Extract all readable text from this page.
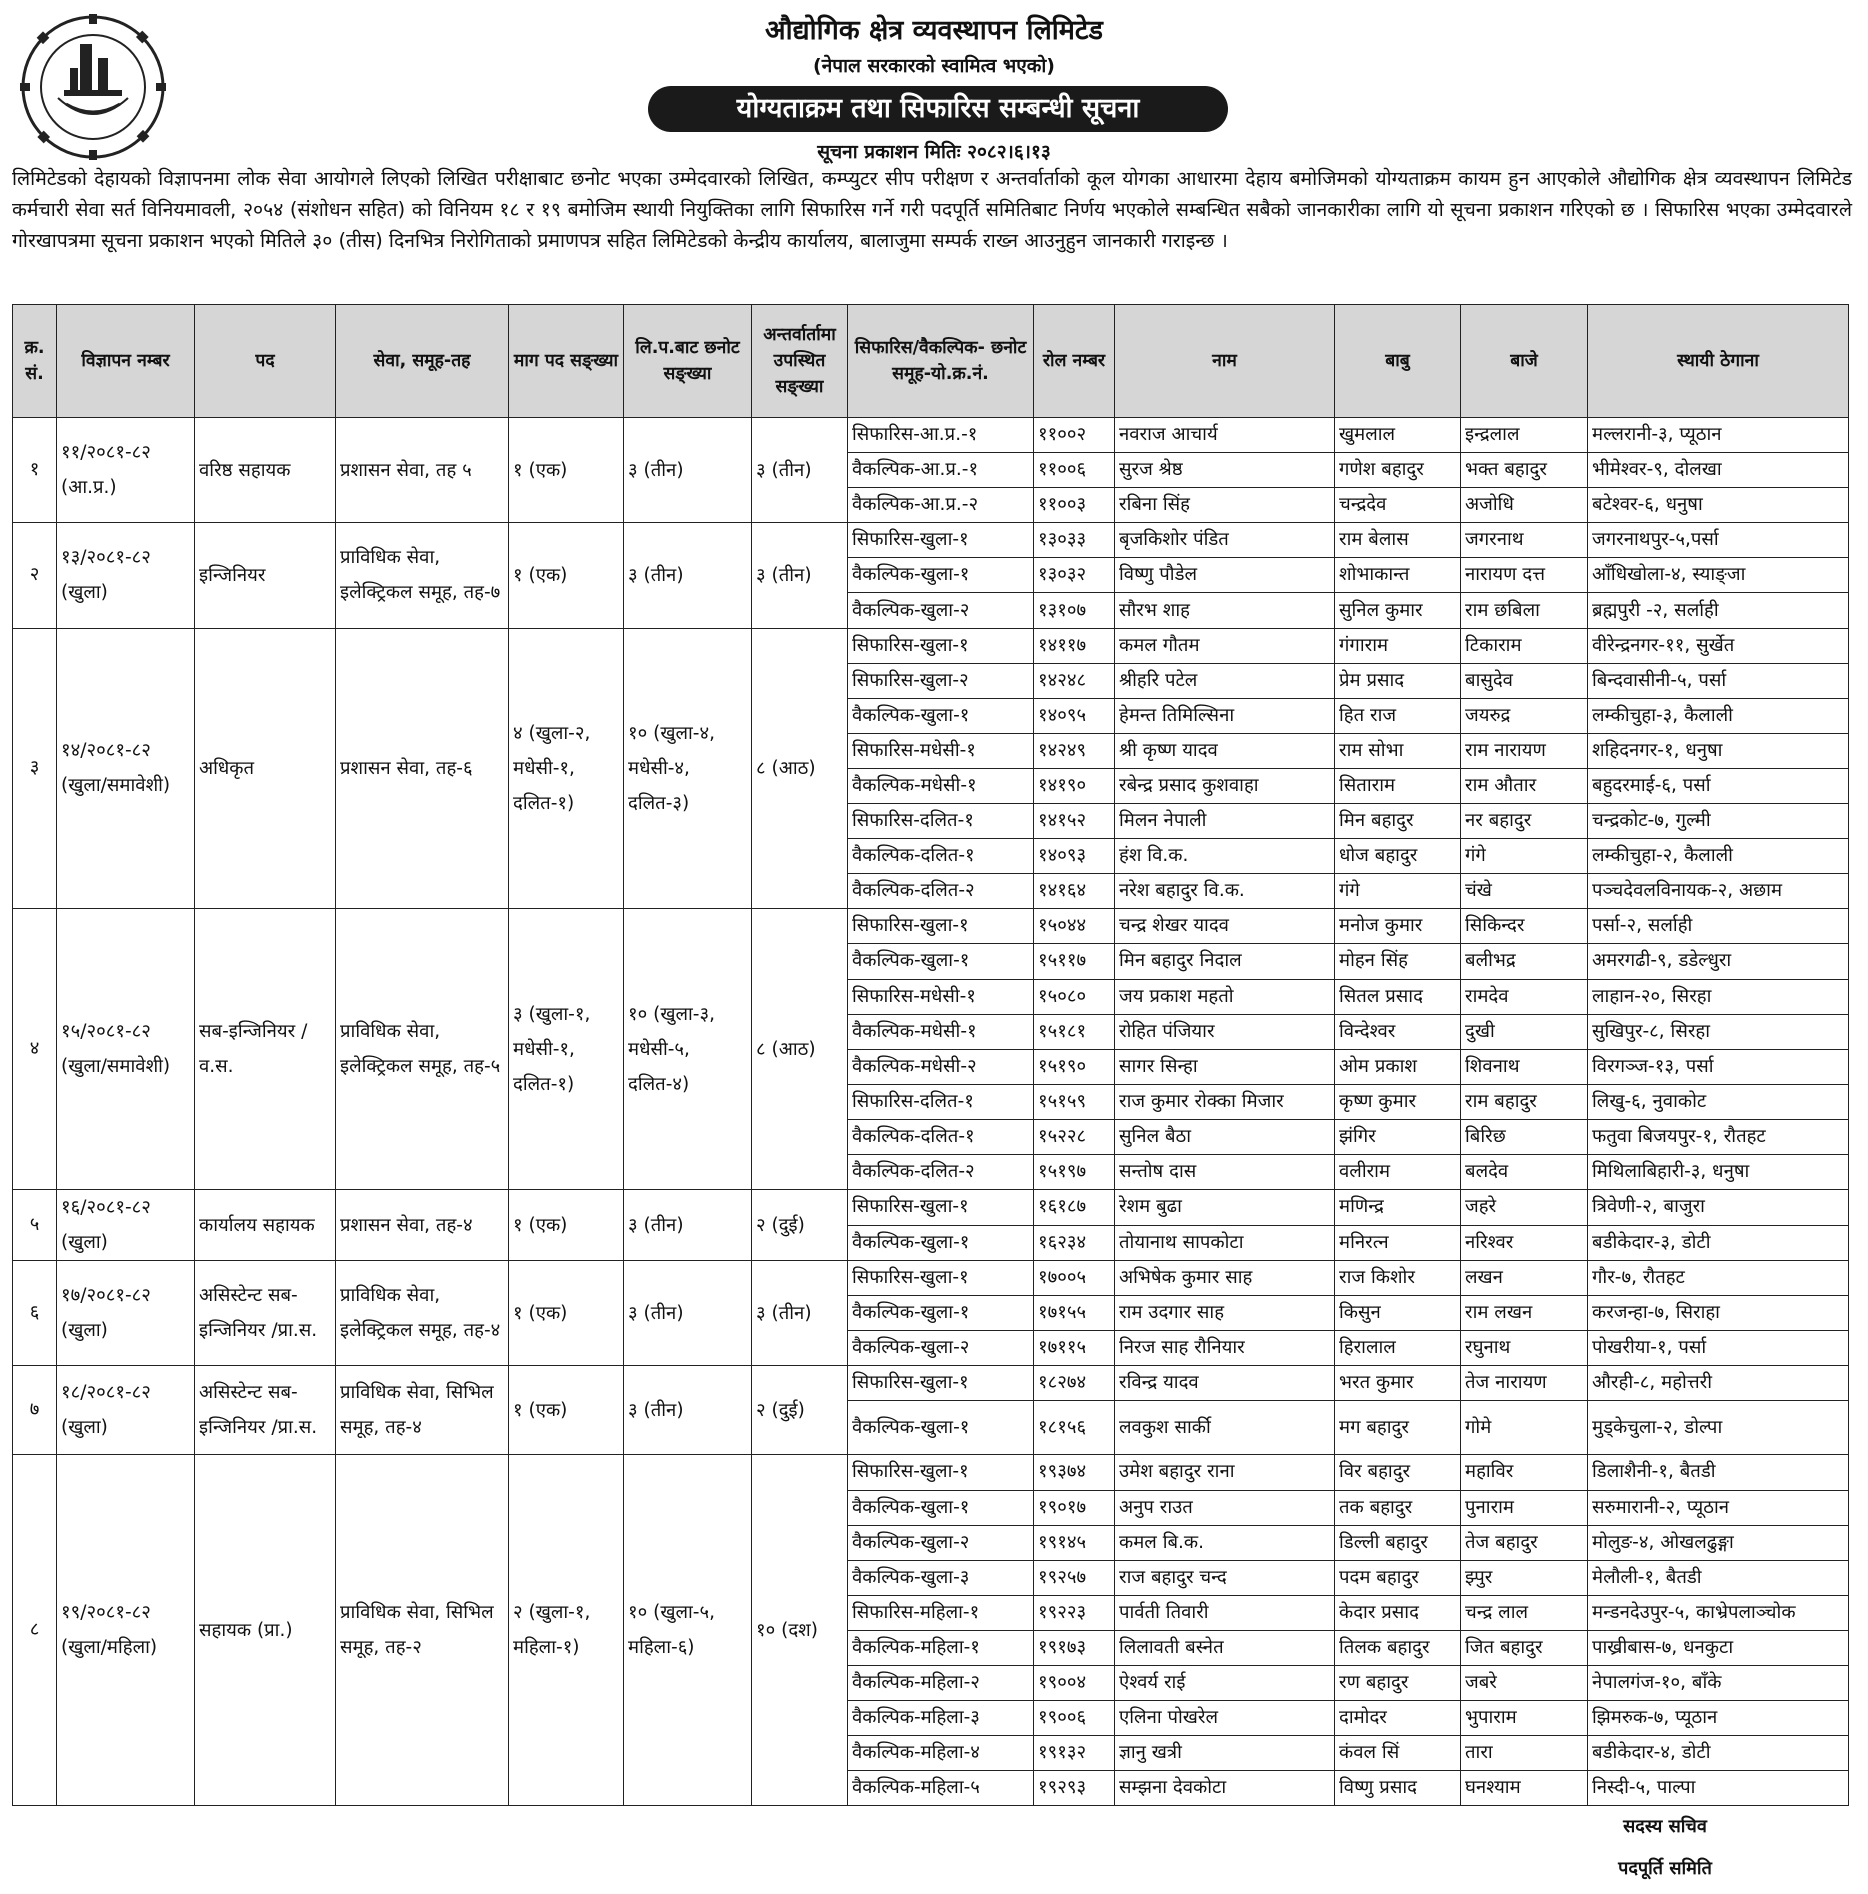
औद्योगिक क्षेत्र व्यवस्थापन लिमिटेड
(नेपाल सरकारको स्वामित्व भएको)
योग्यताक्रम तथा सिफारिस सम्बन्धी सूचना
सूचना प्रकाशन मितिः २०८२।६।१३
लिमिटेडको देहायको विज्ञापनमा लोक सेवा आयोगले लिएको लिखित परीक्षाबाट छनोट भएका उम्मेदवारको लिखित, कम्प्युटर सीप परीक्षण र अन्तर्वार्ताको कूल योगका आधारमा देहाय बमोजिमको योग्यताक्रम कायम हुन आएकोले औद्योगिक क्षेत्र व्यवस्थापन लिमिटेड कर्मचारी सेवा सर्त विनियमावली, २०५४ (संशोधन सहित) को विनियम १८ र १९ बमोजिम स्थायी नियुक्तिका लागि सिफारिस गर्ने गरी पदपूर्ति समितिबाट निर्णय भएकोले सम्बन्धित सबैको जानकारीका लागि यो सूचना प्रकाशन गरिएको छ । सिफारिस भएका उम्मेदवारले गोरखापत्रमा सूचना प्रकाशन भएको मितिले ३० (तीस) दिनभित्र निरोगिताको प्रमाणपत्र सहित लिमिटेडको केन्द्रीय कार्यालय, बालाजुमा सम्पर्क राख्न आउनुहुन जानकारी गराइन्छ ।
क्र. सं.	विज्ञापन नम्बर	पद	सेवा, समूह-तह	माग पद सङ्ख्या	लि.प.बाट छनोट सङ्ख्या	अन्तर्वार्तामा उपस्थित सङ्ख्या	सिफारिस/वैकल्पिक- छनोट समूह-यो.क्र.नं.	रोल नम्बर	नाम	बाबु	बाजे	स्थायी ठेगाना
१	११/२०८१-८२ (आ.प्र.)	वरिष्ठ सहायक	प्रशासन सेवा, तह ५	१ (एक)	३ (तीन)	३ (तीन)	सिफारिस-आ.प्र.-१	११००२	नवराज आचार्य	खुमलाल	इन्द्रलाल	मल्लरानी-३, प्यूठान
							वैकल्पिक-आ.प्र.-१	११००६	सुरज श्रेष्ठ	गणेश बहादुर	भक्त बहादुर	भीमेश्वर-९, दोलखा
							वैकल्पिक-आ.प्र.-२	११००३	रबिना सिंह	चन्द्रदेव	अजोधि	बटेश्वर-६, धनुषा
२	१३/२०८१-८२ (खुला)	इन्जिनियर	प्राविधिक सेवा, इलेक्ट्रिकल समूह, तह-७	१ (एक)	३ (तीन)	३ (तीन)	सिफारिस-खुला-१	१३०३३	बृजकिशोर पंडित	राम बेलास	जगरनाथ	जगरनाथपुर-५,पर्सा
							वैकल्पिक-खुला-१	१३०३२	विष्णु पौडेल	शोभाकान्त	नारायण दत्त	आँधिखोला-४, स्याङ्जा
							वैकल्पिक-खुला-२	१३१०७	सौरभ शाह	सुनिल कुमार	राम छबिला	ब्रह्मपुरी -२, सर्लाही
३	१४/२०८१-८२ (खुला/समावेशी)	अधिकृत	प्रशासन सेवा, तह-६	४ (खुला-२, मधेसी-१, दलित-१)	१० (खुला-४, मधेसी-४, दलित-३)	८ (आठ)	सिफारिस-खुला-१	१४११७	कमल गौतम	गंगाराम	टिकाराम	वीरेन्द्रनगर-११, सुर्खेत
							सिफारिस-खुला-२	१४२४८	श्रीहरि पटेल	प्रेम प्रसाद	बासुदेव	बिन्दवासीनी-५, पर्सा
							वैकल्पिक-खुला-१	१४०९५	हेमन्त तिमिल्सिना	हित राज	जयरुद्र	लम्कीचुहा-३, कैलाली
							सिफारिस-मधेसी-१	१४२४९	श्री कृष्ण यादव	राम सोभा	राम नारायण	शहिदनगर-१, धनुषा
							वैकल्पिक-मधेसी-१	१४१९०	रबेन्द्र प्रसाद कुशवाहा	सिताराम	राम औतार	बहुदरमाई-६, पर्सा
							सिफारिस-दलित-१	१४१५२	मिलन नेपाली	मिन बहादुर	नर बहादुर	चन्द्रकोट-७, गुल्मी
							वैकल्पिक-दलित-१	१४०९३	हंश वि.क.	धोज बहादुर	गंगे	लम्कीचुहा-२, कैलाली
							वैकल्पिक-दलित-२	१४१६४	नरेश बहादुर वि.क.	गंगे	चंखे	पञ्चदेवलविनायक-२, अछाम
४	१५/२०८१-८२ (खुला/समावेशी)	सब-इन्जिनियर /व.स.	प्राविधिक सेवा, इलेक्ट्रिकल समूह, तह-५	३ (खुला-१, मधेसी-१, दलित-१)	१० (खुला-३, मधेसी-५, दलित-४)	८ (आठ)	सिफारिस-खुला-१	१५०४४	चन्द्र शेखर यादव	मनोज कुमार	सिकिन्दर	पर्सा-२, सर्लाही
							वैकल्पिक-खुला-१	१५११७	मिन बहादुर निदाल	मोहन सिंह	बलीभद्र	अमरगढी-९, डडेल्धुरा
							सिफारिस-मधेसी-१	१५०८०	जय प्रकाश महतो	सितल प्रसाद	रामदेव	लाहान-२०, सिरहा
							वैकल्पिक-मधेसी-१	१५१८१	रोहित पंजियार	विन्देश्वर	दुखी	सुखिपुर-८, सिरहा
							वैकल्पिक-मधेसी-२	१५१९०	सागर सिन्हा	ओम प्रकाश	शिवनाथ	विरगञ्ज-१३, पर्सा
							सिफारिस-दलित-१	१५१५९	राज कुमार रोक्का मिजार	कृष्ण कुमार	राम बहादुर	लिखु-६, नुवाकोट
							वैकल्पिक-दलित-१	१५२२८	सुनिल बैठा	झंगिर	बिरिछ	फतुवा बिजयपुर-१, रौतहट
							वैकल्पिक-दलित-२	१५१९७	सन्तोष दास	वलीराम	बलदेव	मिथिलाबिहारी-३, धनुषा
५	१६/२०८१-८२ (खुला)	कार्यालय सहायक	प्रशासन सेवा, तह-४	१ (एक)	३ (तीन)	२ (दुई)	सिफारिस-खुला-१	१६१८७	रेशम बुढा	मणिन्द्र	जहरे	त्रिवेणी-२, बाजुरा
							वैकल्पिक-खुला-१	१६२३४	तोयानाथ सापकोटा	मनिरत्न	नरिश्वर	बडीकेदार-३, डोटी
६	१७/२०८१-८२ (खुला)	असिस्टेन्ट सब-इन्जिनियर /प्रा.स.	प्राविधिक सेवा, इलेक्ट्रिकल समूह, तह-४	१ (एक)	३ (तीन)	३ (तीन)	सिफारिस-खुला-१	१७००५	अभिषेक कुमार साह	राज किशोर	लखन	गौर-७, रौतहट
							वैकल्पिक-खुला-१	१७१५५	राम उदगार साह	किसुन	राम लखन	करजन्हा-७, सिराहा
							वैकल्पिक-खुला-२	१७११५	निरज साह रौनियार	हिरालाल	रघुनाथ	पोखरीया-१, पर्सा
७	१८/२०८१-८२ (खुला)	असिस्टेन्ट सब-इन्जिनियर /प्रा.स.	प्राविधिक सेवा, सिभिल समूह, तह-४	१ (एक)	३ (तीन)	२ (दुई)	सिफारिस-खुला-१	१८२७४	रविन्द्र यादव	भरत कुमार	तेज नारायण	औरही-८, महोत्तरी
							वैकल्पिक-खुला-१	१८१५६	लवकुश सार्की	मग बहादुर	गोमे	मुड्केचुला-२, डोल्पा
८	१९/२०८१-८२ (खुला/महिला)	सहायक (प्रा.)	प्राविधिक सेवा, सिभिल समूह, तह-२	२ (खुला-१, महिला-१)	१० (खुला-५, महिला-६)	१० (दश)	सिफारिस-खुला-१	१९३७४	उमेश बहादुर राना	विर बहादुर	महाविर	डिलाशैनी-१, बैतडी
							वैकल्पिक-खुला-१	१९०१७	अनुप राउत	तक बहादुर	पुनाराम	सरुमारानी-२, प्यूठान
							वैकल्पिक-खुला-२	१९१४५	कमल बि.क.	डिल्ली बहादुर	तेज बहादुर	मोलुङ-४, ओखलढुङ्गा
							वैकल्पिक-खुला-३	१९२५७	राज बहादुर चन्द	पदम बहादुर	झ्पुर	मेलौली-१, बैतडी
							सिफारिस-महिला-१	१९२२३	पार्वती तिवारी	केदार प्रसाद	चन्द्र लाल	मन्डनदेउपुर-५, काभ्रेपलाञ्चोक
							वैकल्पिक-महिला-१	१९१७३	लिलावती बस्नेत	तिलक बहादुर	जित बहादुर	पाख्रीबास-७, धनकुटा
							वैकल्पिक-महिला-२	१९००४	ऐश्वर्य राई	रण बहादुर	जबरे	नेपालगंज-१०, बाँके
							वैकल्पिक-महिला-३	१९००६	एलिना पोखरेल	दामोदर	भुपाराम	झिमरुक-७, प्यूठान
							वैकल्पिक-महिला-४	१९१३२	ज्ञानु खत्री	कंवल सिं	तारा	बडीकेदार-४, डोटी
							वैकल्पिक-महिला-५	१९२९३	सम्झना देवकोटा	विष्णु प्रसाद	घनश्याम	निस्दी-५, पाल्पा
सदस्य सचिव
पदपूर्ति समिति
